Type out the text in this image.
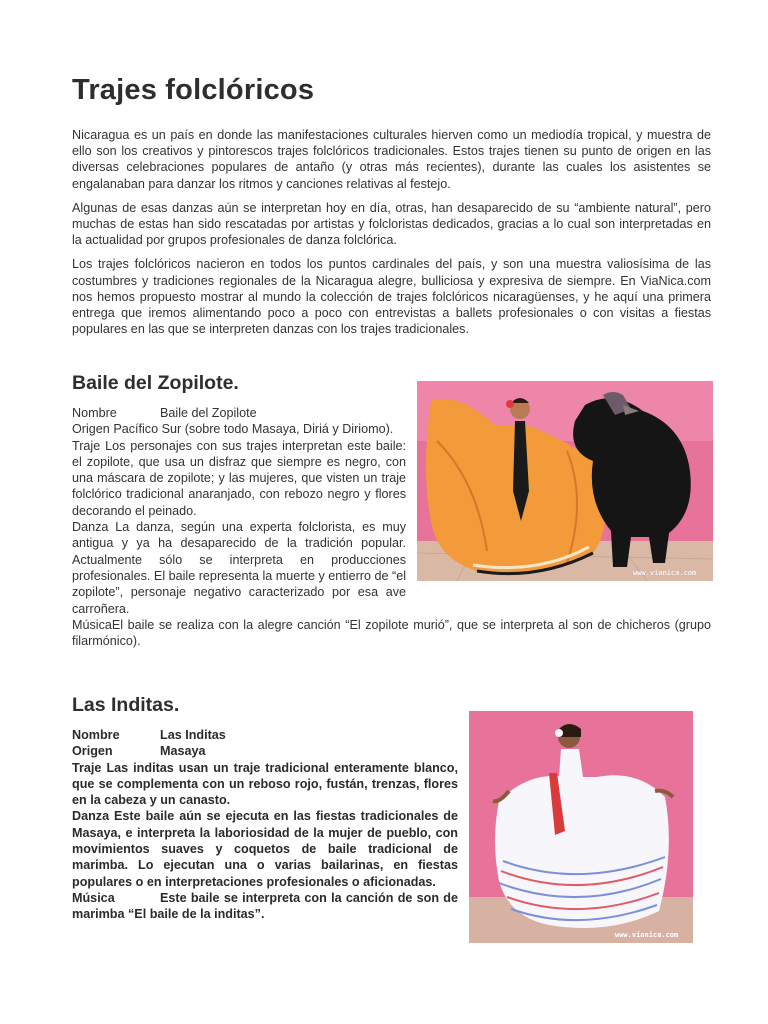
Trajes folclóricos

Nicaragua es un país en donde las manifestaciones culturales hierven como un mediodía tropical, y muestra de ello son los creativos y pintorescos trajes folclóricos tradicionales. Estos trajes tienen su punto de origen en las diversas celebraciones populares de antaño (y otras más recientes), durante las cuales los asistentes se engalanaban para danzar los ritmos y canciones relativas al festejo.

Algunas de esas danzas aún se interpretan hoy en día, otras, han desaparecido de su “ambiente natural”, pero muchas de estas han sido rescatadas por artistas y folcloristas dedicados, gracias a lo cual son interpretadas en la actualidad por grupos profesionales de danza folclórica.

Los trajes folclóricos nacieron en todos los puntos cardinales del país, y son una muestra valiosísima de las costumbres y tradiciones regionales de la Nicaragua alegre, bulliciosa y expresiva de siempre. En ViaNica.com nos hemos propuesto mostrar al mundo la colección de trajes folclóricos nicaragüenses, y he aquí una primera entrega que iremos alimentando poco a poco con entrevistas a ballets profesionales o con visitas a fiestas populares en las que se interpreten danzas con los trajes tradicionales.

Baile del Zopilote.
www.vianica.com
Nombre	Baile del Zopilote
Origen Pacífico Sur (sobre todo Masaya, Diriá y Diriomo).
Traje Los personajes con sus trajes interpretan este baile: el zopilote, que usa un disfraz que siempre es negro, con una máscara de zopilote; y las mujeres, que visten un traje folclórico tradicional anaranjado, con rebozo negro y flores decorando el peinado.
Danza La danza, según una experta folclorista, es muy antigua y ya ha desaparecido de la tradición popular. Actualmente sólo se interpreta en producciones profesionales. El baile representa la muerte y entierro de “el zopilote”, personaje negativo caracterizado por esa ave carroñera.
MúsicaEl baile se realiza con la alegre canción “El zopilote murió”, que se interpreta al son de chicheros (grupo filarmónico).
Las Inditas.
www.vianica.com
Nombre	Las Inditas
Origen	Masaya
Traje Las inditas usan un traje tradicional enteramente blanco, que se complementa con un reboso rojo, fustán, trenzas, flores en la cabeza y un canasto.
Danza Este baile aún se ejecuta en las fiestas tradicionales de Masaya, e interpreta la laboriosidad de la mujer de pueblo, con movimientos suaves y coquetos de baile tradicional de marimba. Lo ejecutan una o varias bailarinas, en fiestas populares o en interpretaciones profesionales o aficionadas.
Música	Este baile se interpreta con la canción de son de marimba “El baile de la inditas”.
